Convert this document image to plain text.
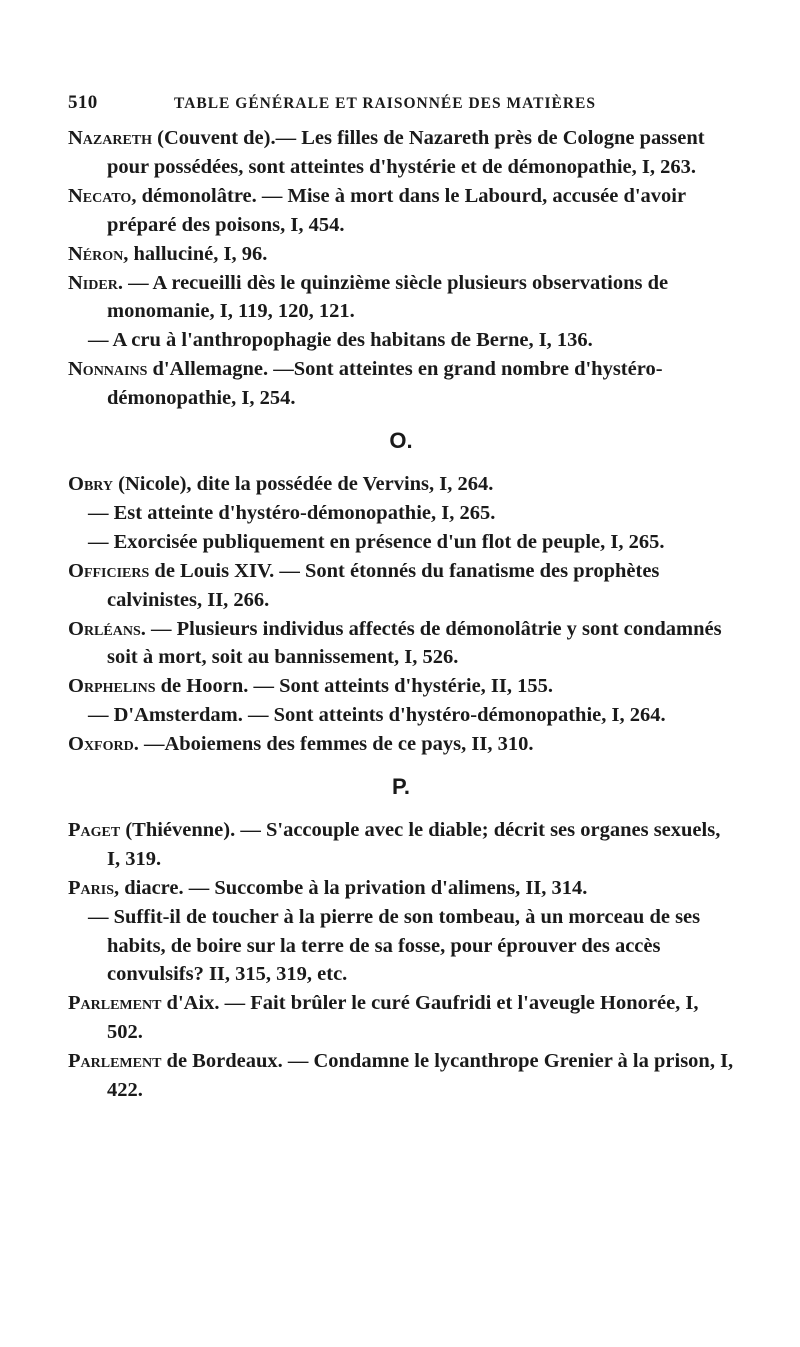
510	TABLE GÉNÉRALE ET RAISONNÉE DES MATIÈRES

Nazareth (Couvent de).— Les filles de Nazareth près de Cologne passent pour possédées, sont atteintes d'hystérie et de démonopathie, I, 263.

Necato, démonolâtre. — Mise à mort dans le Labourd, accusée d'avoir préparé des poisons, I, 454.

Néron, halluciné, I, 96.

Nider. — A recueilli dès le quinzième siècle plusieurs observations de monomanie, I, 119, 120, 121.

— A cru à l'anthropophagie des habitans de Berne, I, 136.

Nonnains d'Allemagne. —Sont atteintes en grand nombre d'hystéro-démonopathie, I, 254.

O.

Obry (Nicole), dite la possédée de Vervins, I, 264.

— Est atteinte d'hystéro-démonopathie, I, 265.

— Exorcisée publiquement en présence d'un flot de peuple, I, 265.

Officiers de Louis XIV. — Sont étonnés du fanatisme des prophètes calvinistes, II, 266.

Orléans. — Plusieurs individus affectés de démonolâtrie y sont condamnés soit à mort, soit au bannissement, I, 526.

Orphelins de Hoorn. — Sont atteints d'hystérie, II, 155.

— D'Amsterdam. — Sont atteints d'hystéro-démonopathie, I, 264.

Oxford. —Aboiemens des femmes de ce pays, II, 310.

P.

Paget (Thiévenne). — S'accouple avec le diable; décrit ses organes sexuels, I, 319.

Paris, diacre. — Succombe à la privation d'alimens, II, 314.

— Suffit-il de toucher à la pierre de son tombeau, à un morceau de ses habits, de boire sur la terre de sa fosse, pour éprouver des accès convulsifs? II, 315, 319, etc.

Parlement d'Aix. — Fait brûler le curé Gaufridi et l'aveugle Honorée, I, 502.

Parlement de Bordeaux. — Condamne le lycanthrope Grenier à la prison, I, 422.
